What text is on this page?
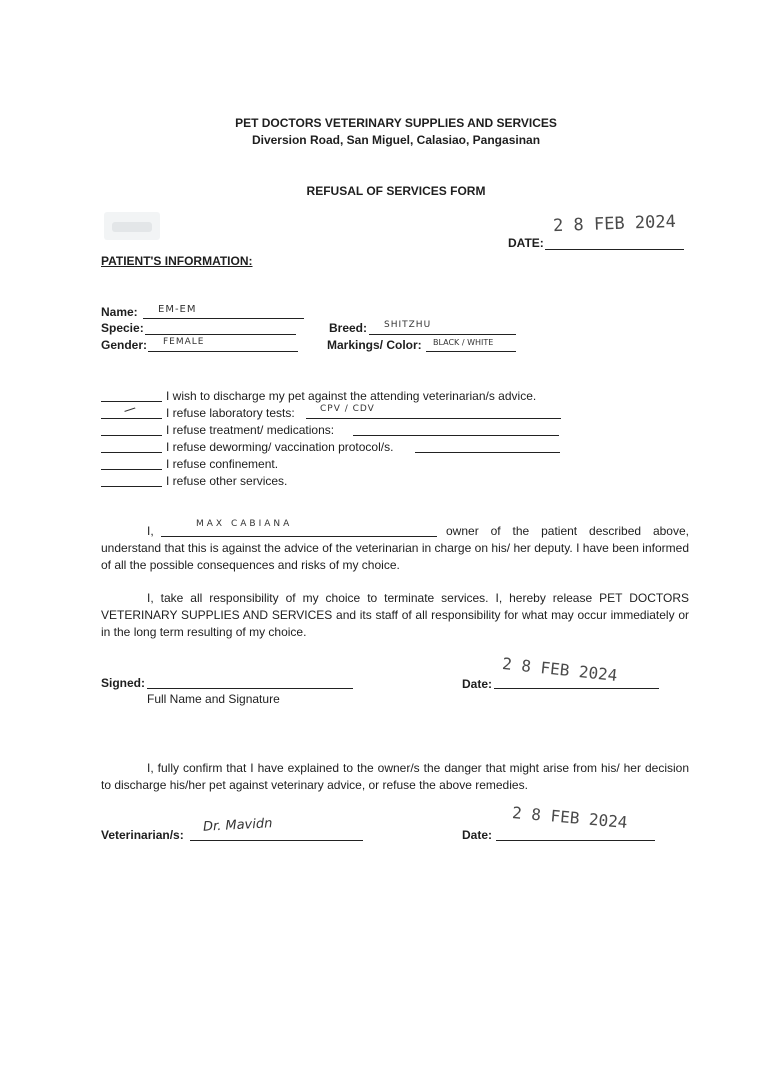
PET DOCTORS VETERINARY SUPPLIES AND SERVICES
Diversion Road, San Miguel, Calasiao, Pangasinan
REFUSAL OF SERVICES FORM
DATE:
2 8 FEB 2024
PATIENT'S INFORMATION:
Name: EM-EM
Specie:
Gender: FEMALE
Breed: SHITZHU
Markings/ Color: BLACK / WHITE
I wish to discharge my pet against the attending veterinarian/s advice.
/ I refuse laboratory tests:	CPV / CDV
I refuse treatment/ medications:
I refuse deworming/ vaccination protocol/s.
I refuse confinement.
I refuse other services.
I,	MAX CABIANA	owner of the patient described above,
understand that this is against the advice of the veterinarian in charge on his/ her deputy. I have been informed of all the possible consequences and risks of my choice.
I, take all responsibility of my choice to terminate services. I, hereby release PET DOCTORS VETERINARY SUPPLIES AND SERVICES and its staff of all responsibility for what may occur immediately or in the long term resulting of my choice.
Signed:
Full Name and Signature
Date: 2 8 FEB 2024
I, fully confirm that I have explained to the owner/s the danger that might arise from his/ her decision to discharge his/her pet against veterinary advice, or refuse the above remedies.
Veterinarian/s:
Dr. Mavidn
Date:
2 8 FEB 2024
